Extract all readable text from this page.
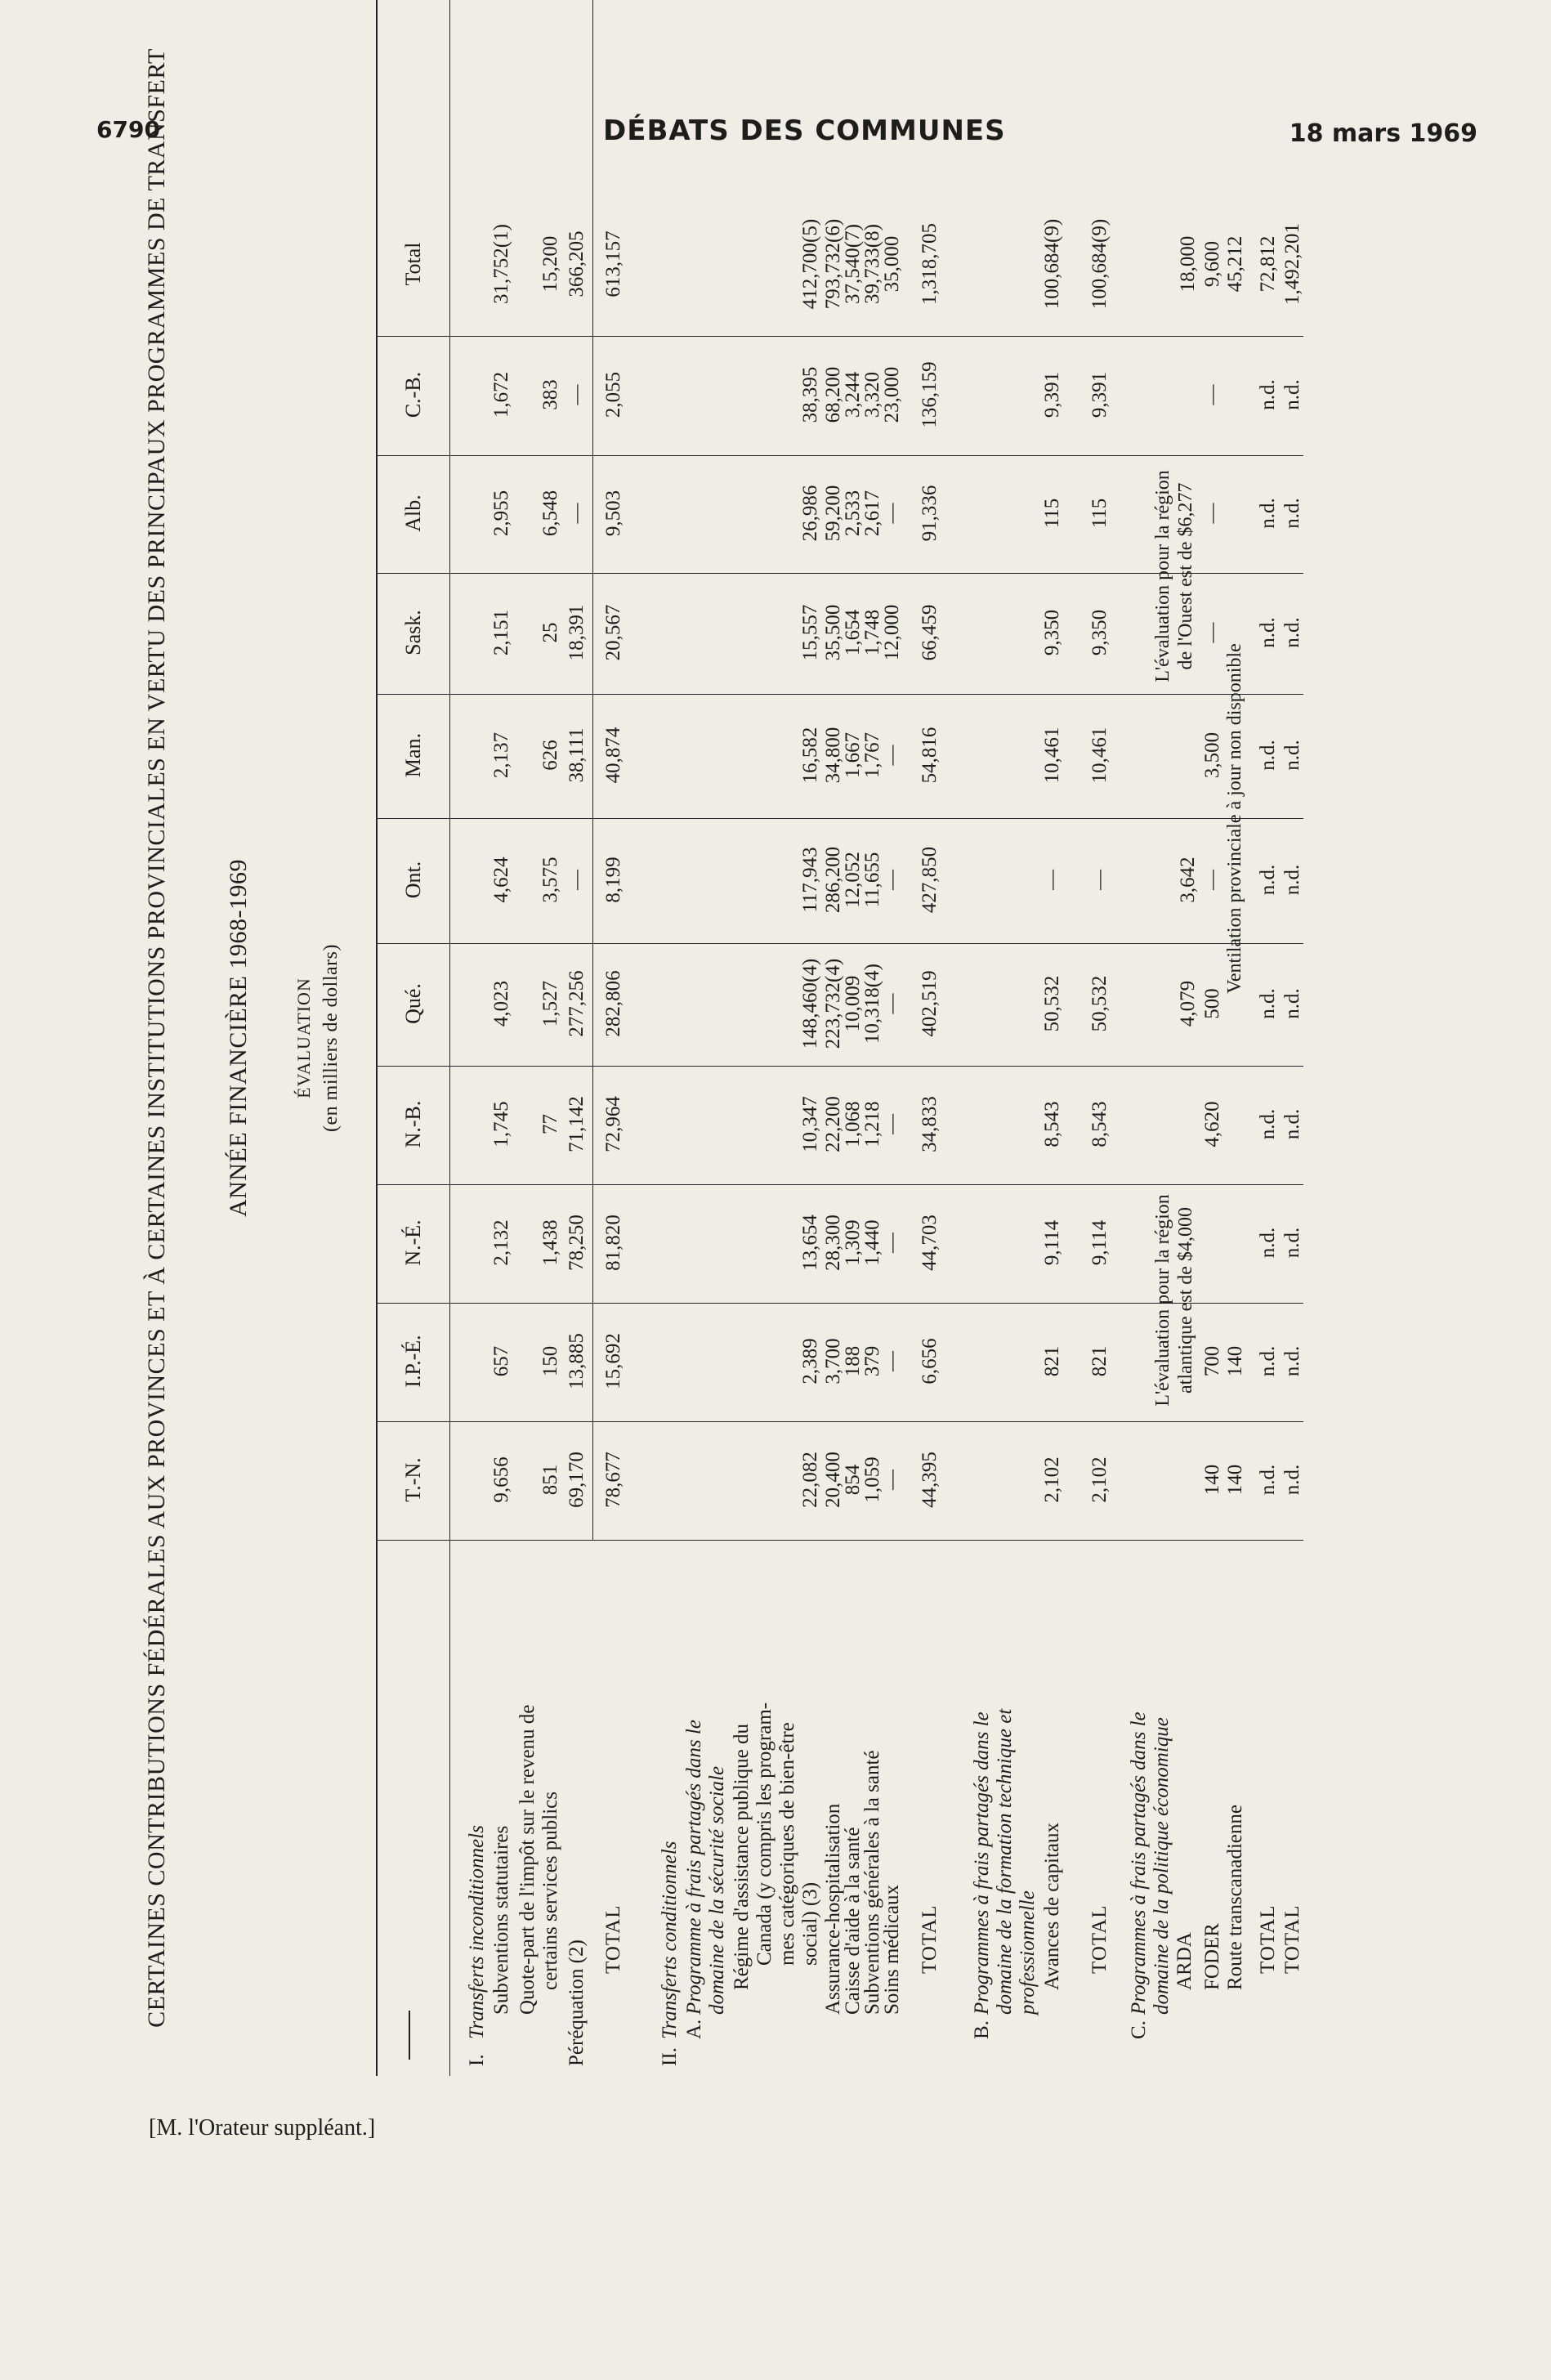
6790	DÉBATS DES COMMUNES	18 mars 1969
CERTAINES CONTRIBUTIONS FÉDÉRALES AUX PROVINCES ET À CERTAINES INSTITUTIONS PROVINCIALES EN VERTU DES PRINCIPAUX PROGRAMMES DE TRANSFERT ANNÉE FINANCIÈRE 1968-1969 ÉVALUATION (en milliers de dollars)
T.-N.
I.P.-É.
N.-É.
N.-B.
Qué.
Ont.
Man.
Sask.
Alb.
C.-B.
Total
I.
Transferts inconditionnels Subventions statutaires
9,656
657
2,132
1,745
4,023
4,624
2,137
2,151
2,955
1,672
31,752(1)
Quote-part de l'impôt sur le revenu de certains services publics
851
150
1,438
77
1,527
3,575
626
25
6,548
383
15,200
Péréquation (2)
69,170
13,885
78,250
71,142
277,256
—
38,111
18,391
—
—
366,205
TOTAL
78,677
15,692
81,820
72,964
282,806
8,199
40,874
20,567
9,503
2,055
613,157
II.
Transferts conditionnels A.
Programme à frais partagés dans le domaine de la sécurité sociale Régime d'assistance publique du Canada (y compris les program- mes catégoriques de bien-être social) (3)
22,082
2,389
13,654
10,347
148,460(4)
117,943
16,582
15,557
26,986
38,395
412,700(5)
Assurance-hospitalisation
20,400
3,700
28,300
22,200
223,732(4)
286,200
34,800
35,500
59,200
68,200
793,732(6)
Caisse d'aide à la santé
854
188
1,309
1,068
10,009
12,052
1,667
1,654
2,533
3,244
37,540(7)
Subventions générales à la santé
1,059
379
1,440
1,218
10,318(4)
11,655
1,767
1,748
2,617
3,320
39,733(8)
Soins médicaux
—
—
—
—
—
—
—
12,000
—
23,000
35,000
TOTAL
44,395
6,656
44,703
34,833
402,519
427,850
54,816
66,459
91,336
136,159
1,318,705
B.
Programmes à frais partagés dans le domaine de la formation technique et professionnelle Avances de capitaux
2,102
821
9,114
8,543
50,532
—
10,461
9,350
115
9,391
100,684(9)
TOTAL
2,102
821
9,114
8,543
50,532
—
10,461
9,350
115
9,391
100,684(9)
C.
Programmes à frais partagés dans le domaine de la politique économique ARDA
L'évaluation pour la région atlantique est de $4,000
4,079
3,642
L'évaluation pour la région de l'Ouest est de $6,277
18,000
FODER
140
700
4,620
500
—
3,500
—
—
—
9,600
Route transcanadienne
140
140
Ventilation provinciale à jour non disponible
45,212
TOTAL
n.d.
n.d.
n.d.
n.d.
n.d.
n.d.
n.d.
n.d.
n.d.
n.d.
72,812
TOTAL
n.d.
n.d.
n.d.
n.d.
n.d.
n.d.
n.d.
n.d.
n.d.
n.d.
1,492,201
[M. l'Orateur suppléant.]
